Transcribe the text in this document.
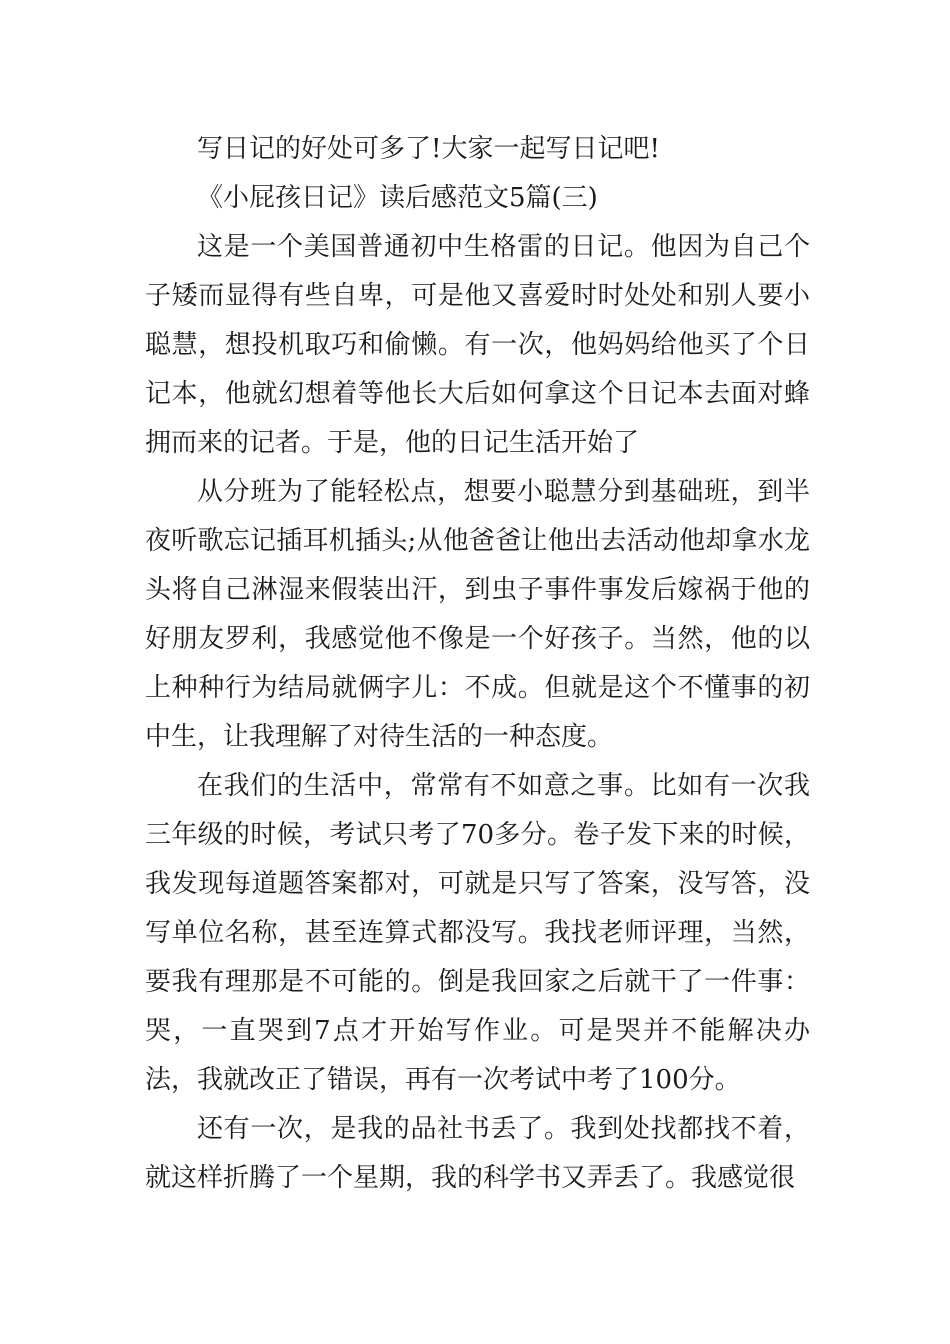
写日记的好处可多了!大家一起写日记吧!

《小屁孩日记》读后感范文5篇(三)

这是一个美国普通初中生格雷的日记。他因为自己个子矮而显得有些自卑，可是他又喜爱时时处处和别人要小聪慧，想投机取巧和偷懒。有一次，他妈妈给他买了个日记本，他就幻想着等他长大后如何拿这个日记本去面对蜂拥而来的记者。于是，他的日记生活开始了

从分班为了能轻松点，想要小聪慧分到基础班，到半夜听歌忘记插耳机插头;从他爸爸让他出去活动他却拿水龙头将自己淋湿来假装出汗，到虫子事件事发后嫁祸于他的好朋友罗利，我感觉他不像是一个好孩子。当然，他的以上种种行为结局就俩字儿：不成。但就是这个不懂事的初中生，让我理解了对待生活的一种态度。

在我们的生活中，常常有不如意之事。比如有一次我三年级的时候，考试只考了70多分。卷子发下来的时候，我发现每道题答案都对，可就是只写了答案，没写答，没写单位名称，甚至连算式都没写。我找老师评理，当然，要我有理那是不可能的。倒是我回家之后就干了一件事：哭，一直哭到7点才开始写作业。可是哭并不能解决办法，我就改正了错误，再有一次考试中考了100分。

还有一次，是我的品社书丢了。我到处找都找不着，就这样折腾了一个星期，我的科学书又弄丢了。我感觉很
